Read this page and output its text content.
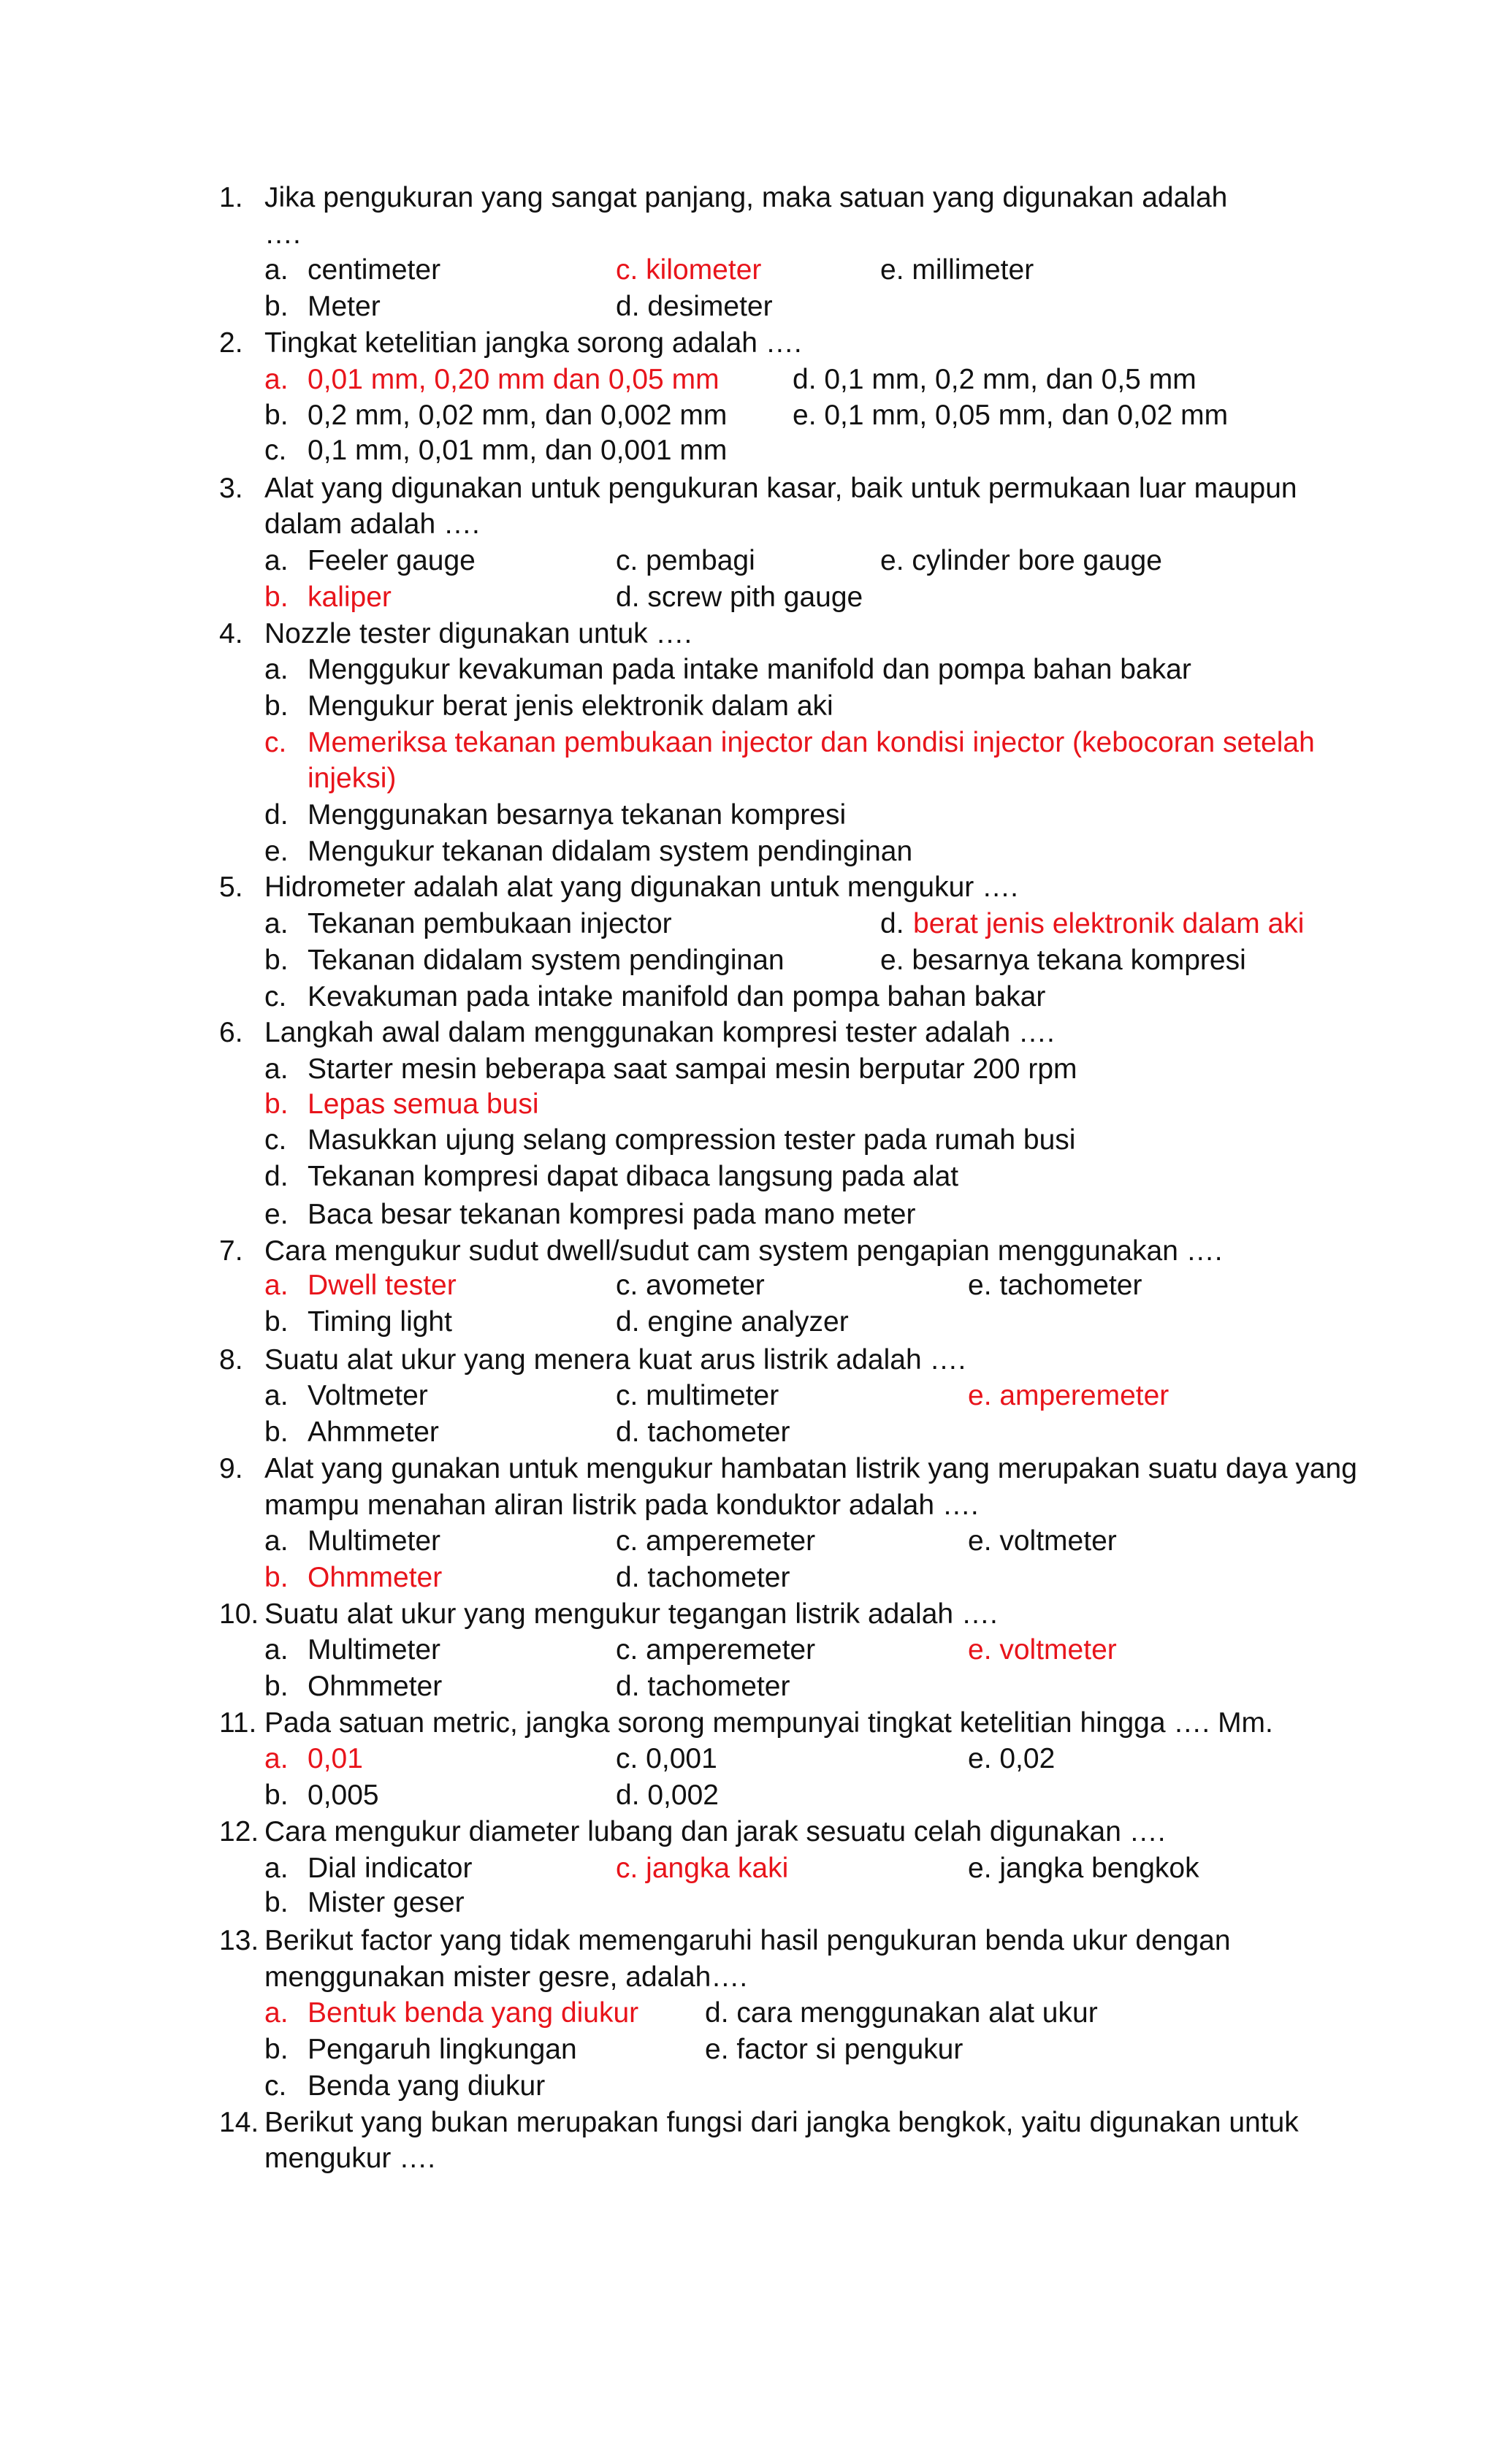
1. Jika pengukuran yang sangat panjang, maka satuan yang digunakan adalah
….
a. centimeter	c. kilometer	e. millimeter
b. Meter	d. desimeter
2. Tingkat ketelitian jangka sorong adalah ….
a. 0,01 mm, 0,20 mm dan 0,05 mm	d. 0,1 mm, 0,2 mm, dan 0,5 mm
b. 0,2 mm, 0,02 mm, dan 0,002 mm e. 0,1 mm, 0,05 mm, dan 0,02 mm
c. 0,1 mm, 0,01 mm, dan 0,001 mm
3. Alat yang digunakan untuk pengukuran kasar, baik untuk permukaan luar maupun
dalam adalah ….
a. Feeler gauge	c. pembagi	e. cylinder bore gauge
b. kaliper	d. screw pith gauge
4. Nozzle tester digunakan untuk ….
a. Menggukur kevakuman pada intake manifold dan pompa bahan bakar
b. Mengukur berat jenis elektronik dalam aki
c. Memeriksa tekanan pembukaan injector dan kondisi injector (kebocoran setelah
injeksi)
d. Menggunakan besarnya tekanan kompresi
e. Mengukur tekanan didalam system pendinginan
5. Hidrometer adalah alat yang digunakan untuk mengukur ….
a. Tekanan pembukaan injector	d. berat jenis elektronik dalam aki
b. Tekanan didalam system pendinginan	e. besarnya tekana kompresi
c. Kevakuman pada intake manifold dan pompa bahan bakar
6. Langkah awal dalam menggunakan kompresi tester adalah ….
a. Starter mesin beberapa saat sampai mesin berputar 200 rpm
b. Lepas semua busi
c. Masukkan ujung selang compression tester pada rumah busi
d. Tekanan kompresi dapat dibaca langsung pada alat
e. Baca besar tekanan kompresi pada mano meter
7. Cara mengukur sudut dwell/sudut cam system pengapian menggunakan ….
a. Dwell tester	c. avometer	e. tachometer
b. Timing light	d. engine analyzer
8. Suatu alat ukur yang menera kuat arus listrik adalah ….
a. Voltmeter	c. multimeter	e. amperemeter
b. Ahmmeter	d. tachometer
9. Alat yang gunakan untuk mengukur hambatan listrik yang merupakan suatu daya yang
mampu menahan aliran listrik pada konduktor adalah ….
a. Multimeter	c. amperemeter	e. voltmeter
b. Ohmmeter	d. tachometer
10. Suatu alat ukur yang mengukur tegangan listrik adalah ….
a. Multimeter	c. amperemeter	e. voltmeter
b. Ohmmeter	d. tachometer
11. Pada satuan metric, jangka sorong mempunyai tingkat ketelitian hingga …. Mm.
a. 0,01	c. 0,001	e. 0,02
b. 0,005	d. 0,002
12. Cara mengukur diameter lubang dan jarak sesuatu celah digunakan ….
a. Dial indicator	c. jangka kaki	e. jangka bengkok
b. Mister geser
13. Berikut factor yang tidak memengaruhi hasil pengukuran benda ukur dengan
menggunakan mister gesre, adalah….
a. Bentuk benda yang diukur d. cara menggunakan alat ukur
b. Pengaruh lingkungan	e. factor si pengukur
c. Benda yang diukur
14. Berikut yang bukan merupakan fungsi dari jangka bengkok, yaitu digunakan untuk
mengukur ….
